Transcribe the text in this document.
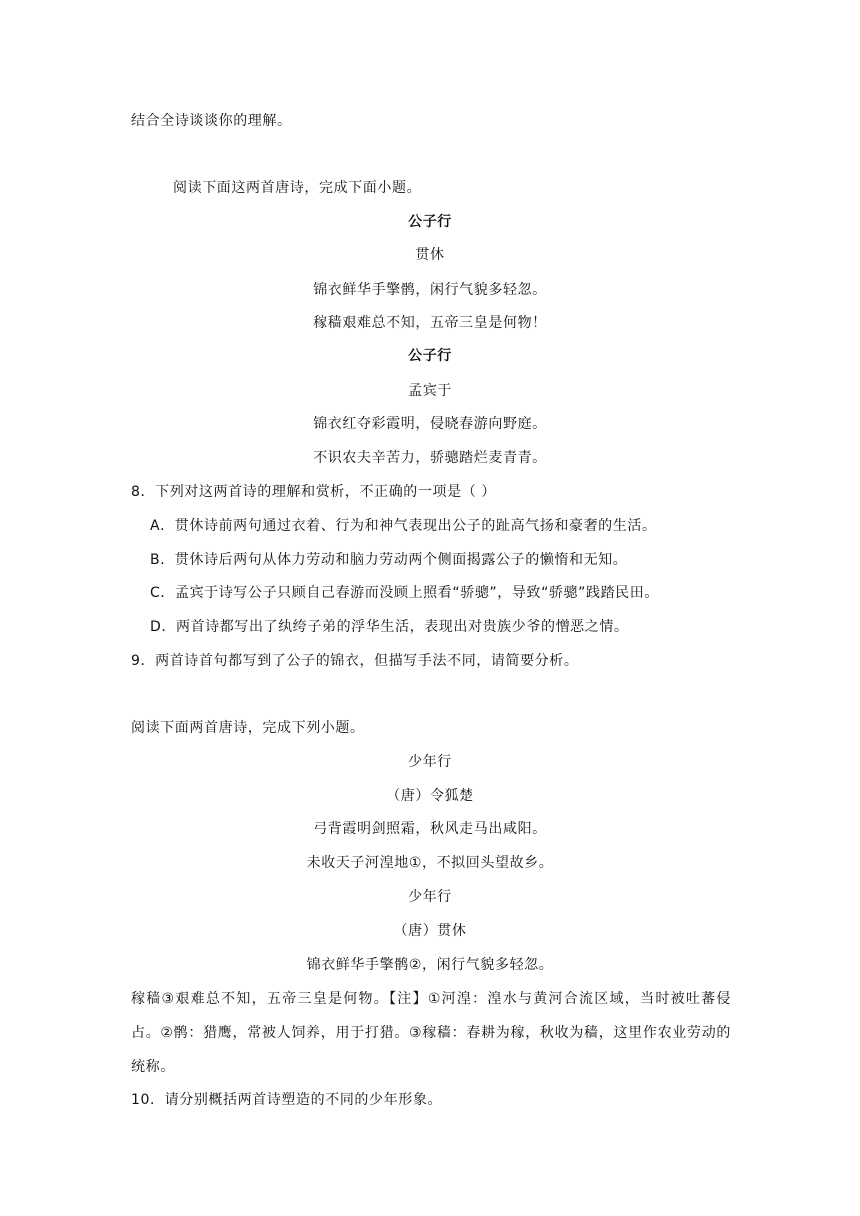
结合全诗谈谈你的理解。
阅读下面这两首唐诗，完成下面小题。
公子行
贯休
锦衣鲜华手擎鹘，闲行气貌多轻忽。
稼穑艰难总不知，五帝三皇是何物！
公子行
孟宾于
锦衣红夺彩霞明，侵晓春游向野庭。
不识农夫辛苦力，骄骢踏烂麦青青。
8．下列对这两首诗的理解和赏析，不正确的一项是（ ）
A．贯休诗前两句通过衣着、行为和神气表现出公子的趾高气扬和豪奢的生活。
B．贯休诗后两句从体力劳动和脑力劳动两个侧面揭露公子的懒惰和无知。
C．孟宾于诗写公子只顾自己春游而没顾上照看“骄骢”，导致“骄骢”践踏民田。
D．两首诗都写出了纨绔子弟的浮华生活，表现出对贵族少爷的憎恶之情。
9．两首诗首句都写到了公子的锦衣，但描写手法不同，请简要分析。
阅读下面两首唐诗，完成下列小题。
少年行
（唐）令狐楚
弓背霞明剑照霜，秋风走马出咸阳。
未收天子河湟地①，不拟回头望故乡。
少年行
（唐）贯休
锦衣鲜华手擎鹘②，闲行气貌多轻忽。
稼穑③艰难总不知，五帝三皇是何物。【注】①河湟：湟水与黄河合流区域，当时被吐蕃侵占。②鹘：猎鹰，常被人饲养，用于打猎。③稼穑：春耕为稼，秋收为穑，这里作农业劳动的统称。
10．请分别概括两首诗塑造的不同的少年形象。
